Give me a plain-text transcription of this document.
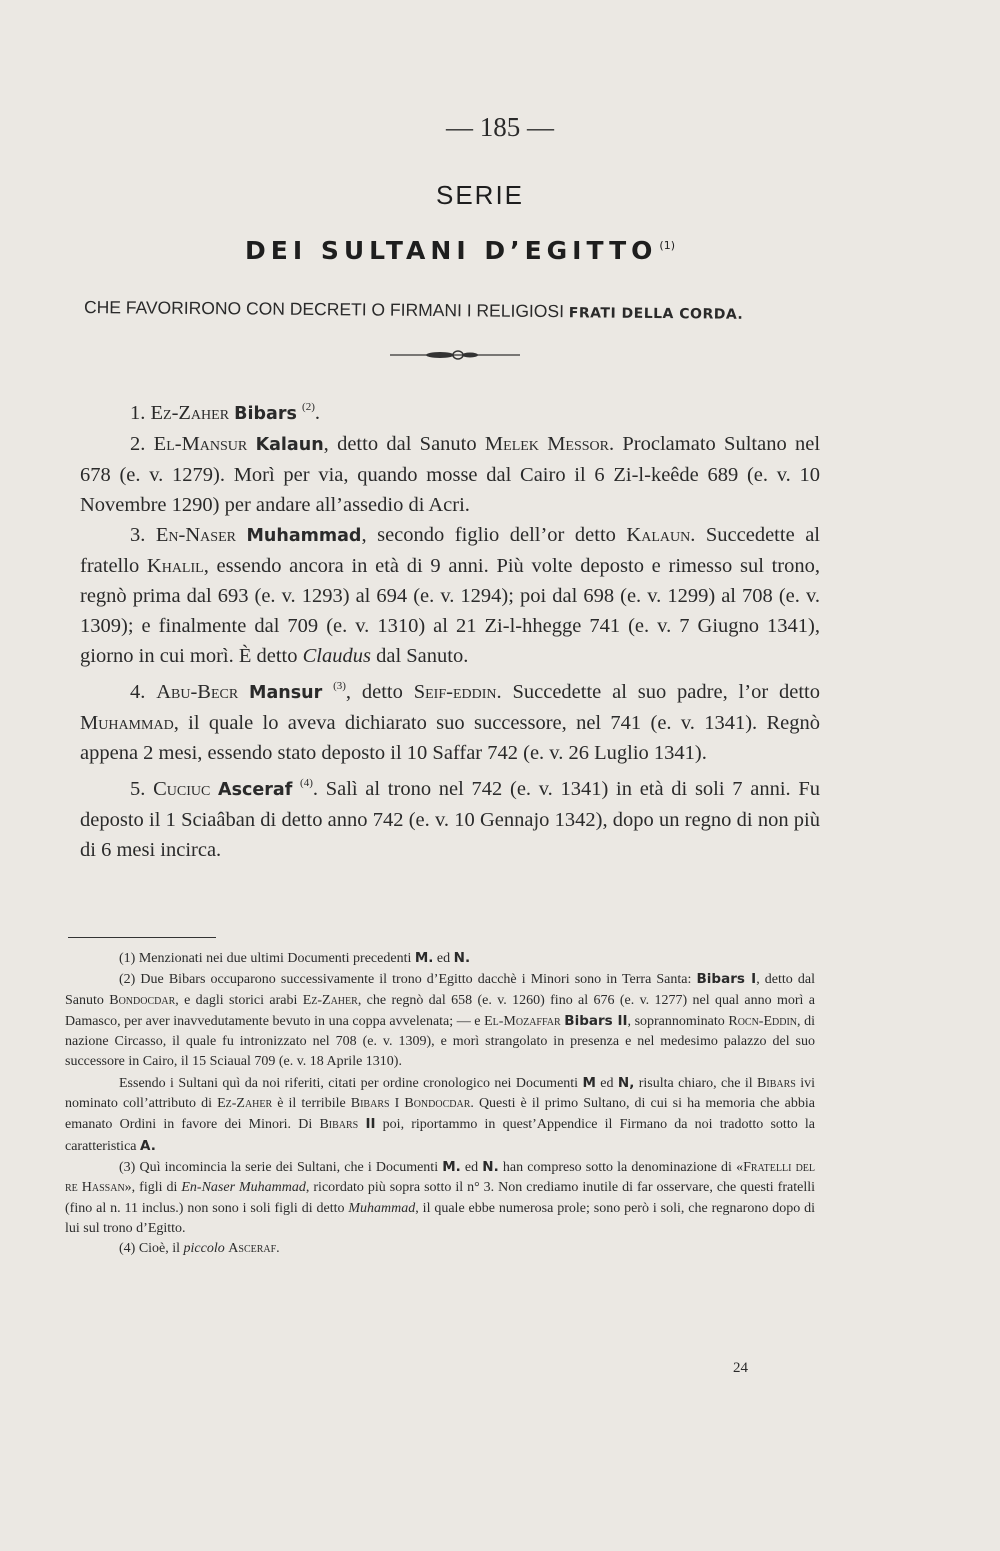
— 185 —
SERIE
DEI SULTANI D’EGITTO $^{(1)}$
CHE FAVORIRONO CON DECRETI O FIRMANI I RELIGIOSI FRATI DELLA CORDA.

1. Ez-Zaher Bibars $^{(2)}$.

2. El-Mansur Kalaun, detto dal Sanuto Melek Messor. Proclamato Sultano nel 678 (e. v. 1279). Morì per via, quando mosse dal Cairo il 6 Zi-l-keêde 689 (e. v. 10 Novembre 1290) per andare all’assedio di Acri.

3. En-Naser Muhammad, secondo figlio dell’or detto Kalaun. Succedette al fratello Khalil, essendo ancora in età di 9 anni. Più volte deposto e rimesso sul trono, regnò prima dal 693 (e. v. 1293) al 694 (e. v. 1294); poi dal 698 (e. v. 1299) al 708 (e. v. 1309); e finalmente dal 709 (e. v. 1310) al 21 Zi-l-hhegge 741 (e. v. 7 Giugno 1341), giorno in cui morì. È detto Claudus dal Sanuto.

4. Abu-Becr Mansur $^{(3)}$, detto Seif-eddin. Succedette al suo padre, l’or detto Muhammad, il quale lo aveva dichiarato suo successore, nel 741 (e. v. 1341). Regnò appena 2 mesi, essendo stato deposto il 10 Saffar 742 (e. v. 26 Luglio 1341).

5. Cuciuc Asceraf $^{(4)}$. Salì al trono nel 742 (e. v. 1341) in età di soli 7 anni. Fu deposto il 1 Sciaâban di detto anno 742 (e. v. 10 Gennajo 1342), dopo un regno di non più di 6 mesi incirca.

(1) Menzionati nei due ultimi Documenti precedenti M. ed N.

(2) Due Bibars occuparono successivamente il trono d’Egitto dacchè i Minori sono in Terra Santa: Bibars I, detto dal Sanuto Bondocdar, e dagli storici arabi Ez-Zaher, che regnò dal 658 (e. v. 1260) fino al 676 (e. v. 1277) nel qual anno morì a Damasco, per aver inavvedutamente bevuto in una coppa avvelenata; — e El-Mozaffar Bibars II, soprannominato Rocn-Eddin, di nazione Circasso, il quale fu intronizzato nel 708 (e. v. 1309), e morì strangolato in presenza e nel medesimo palazzo del suo successore in Cairo, il 15 Sciaual 709 (e. v. 18 Aprile 1310).

Essendo i Sultani quì da noi riferiti, citati per ordine cronologico nei Documenti M ed N, risulta chiaro, che il Bibars ivi nominato coll’attributo di Ez-Zaher è il terribile Bibars I Bondocdar. Questi è il primo Sultano, di cui si ha memoria che abbia emanato Ordini in favore dei Minori. Di Bibars II poi, riportammo in quest’Appendice il Firmano da noi tradotto sotto la caratteristica A.

(3) Quì incomincia la serie dei Sultani, che i Documenti M. ed N. han compreso sotto la denominazione di «Fratelli del re Hassan», figli di En-Naser Muhammad, ricordato più sopra sotto il n° 3. Non crediamo inutile di far osservare, che questi fratelli (fino al n. 11 inclus.) non sono i soli figli di detto Muhammad, il quale ebbe numerosa prole; sono però i soli, che regnarono dopo di lui sul trono d’Egitto.

(4) Cioè, il piccolo Asceraf.

24
